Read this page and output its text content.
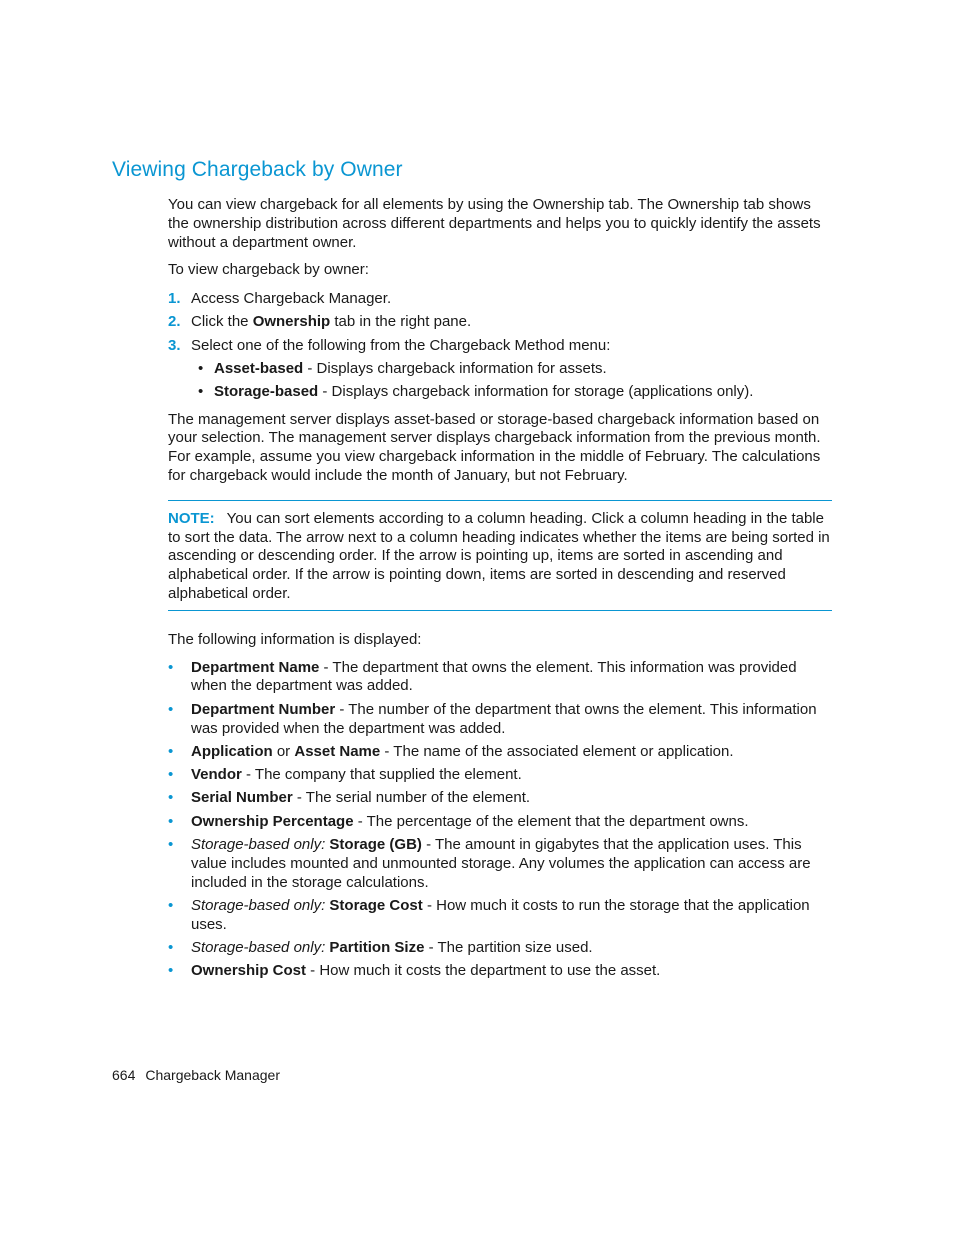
Viewing Chargeback by Owner

You can view chargeback for all elements by using the Ownership tab. The Ownership tab shows the ownership distribution across different departments and helps you to quickly identify the assets without a department owner.

To view chargeback by owner:

1. Access Chargeback Manager.
2. Click the Ownership tab in the right pane.
3. Select one of the following from the Chargeback Method menu:
• Asset-based - Displays chargeback information for assets.
• Storage-based - Displays chargeback information for storage (applications only).

The management server displays asset-based or storage-based chargeback information based on your selection. The management server displays chargeback information from the previous month. For example, assume you view chargeback information in the middle of February. The calculations for chargeback would include the month of January, but not February.

NOTE: You can sort elements according to a column heading. Click a column heading in the table to sort the data. The arrow next to a column heading indicates whether the items are being sorted in ascending or descending order. If the arrow is pointing up, items are sorted in ascending and alphabetical order. If the arrow is pointing down, items are sorted in descending and reserved alphabetical order.

The following information is displayed:

• Department Name - The department that owns the element. This information was provided when the department was added.
• Department Number - The number of the department that owns the element. This information was provided when the department was added.
• Application or Asset Name - The name of the associated element or application.
• Vendor - The company that supplied the element.
• Serial Number - The serial number of the element.
• Ownership Percentage - The percentage of the element that the department owns.
• Storage-based only: Storage (GB) - The amount in gigabytes that the application uses. This value includes mounted and unmounted storage. Any volumes the application can access are included in the storage calculations.
• Storage-based only: Storage Cost - How much it costs to run the storage that the application uses.
• Storage-based only: Partition Size - The partition size used.
• Ownership Cost - How much it costs the department to use the asset.
664 Chargeback Manager
